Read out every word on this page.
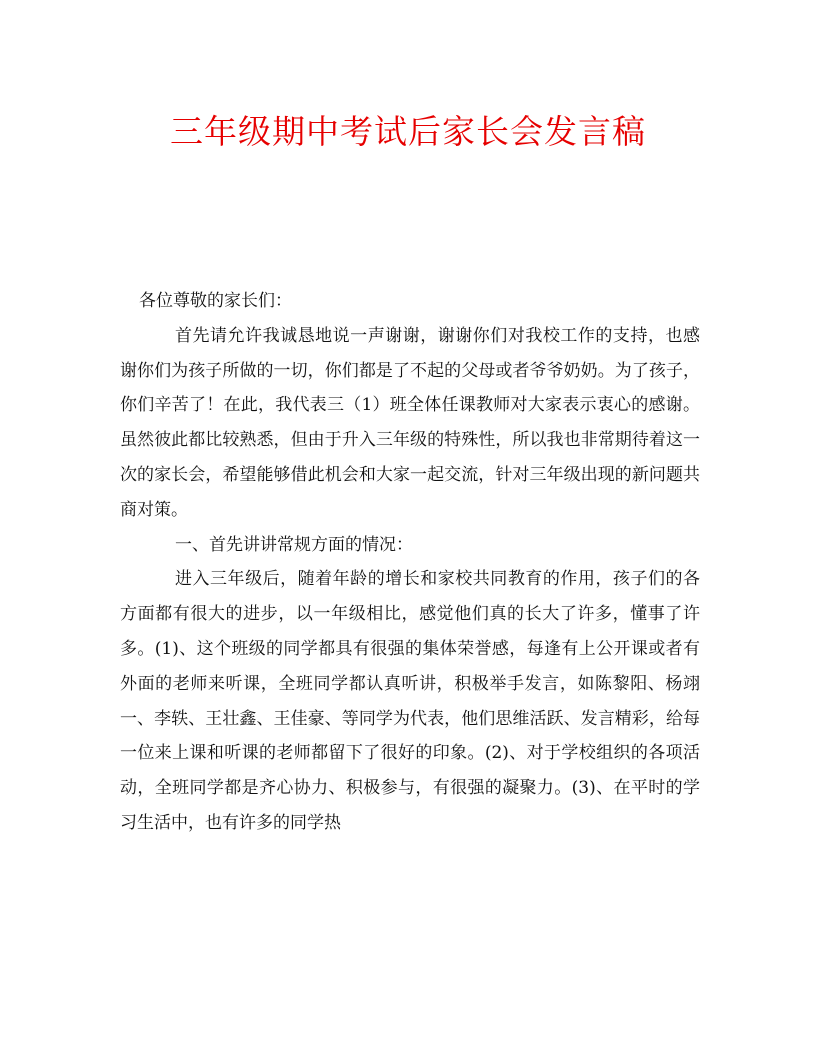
三年级期中考试后家长会发言稿

各位尊敬的家长们：

首先请允许我诚恳地说一声谢谢，谢谢你们对我校工作的支持，也感谢你们为孩子所做的一切，你们都是了不起的父母或者爷爷奶奶。为了孩子，你们辛苦了！在此，我代表三（1）班全体任课教师对大家表示衷心的感谢。虽然彼此都比较熟悉，但由于升入三年级的特殊性，所以我也非常期待着这一次的家长会，希望能够借此机会和大家一起交流，针对三年级出现的新问题共商对策。

一、首先讲讲常规方面的情况：

进入三年级后，随着年龄的增长和家校共同教育的作用，孩子们的各方面都有很大的进步，以一年级相比，感觉他们真的长大了许多，懂事了许多。(1)、这个班级的同学都具有很强的集体荣誉感，每逢有上公开课或者有外面的老师来听课，全班同学都认真听讲，积极举手发言，如陈黎阳、杨翊一、李轶、王壮鑫、王佳豪、等同学为代表，他们思维活跃、发言精彩，给每一位来上课和听课的老师都留下了很好的印象。(2)、对于学校组织的各项活动，全班同学都是齐心协力、积极参与，有很强的凝聚力。(3)、在平时的学习生活中，也有许多的同学热
